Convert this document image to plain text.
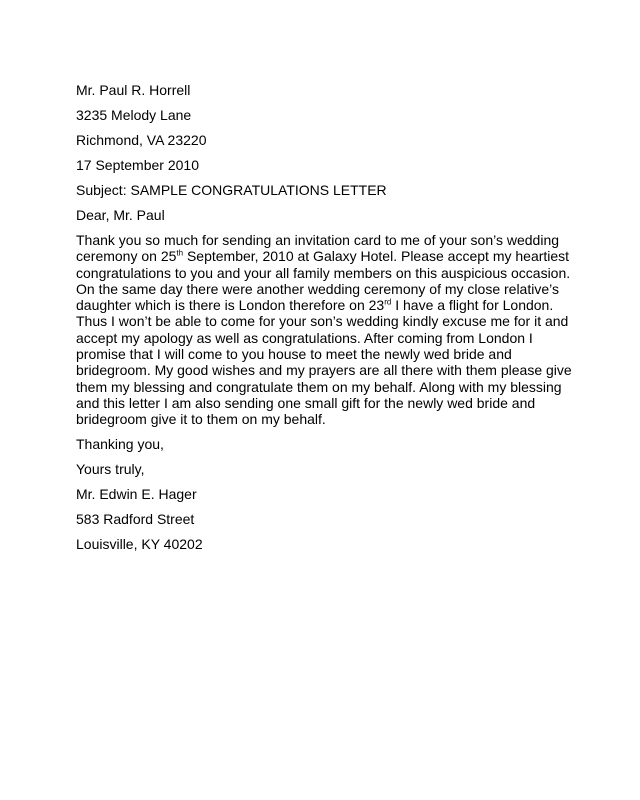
Mr. Paul R. Horrell
3235 Melody Lane
Richmond, VA 23220
17 September 2010
Subject: SAMPLE CONGRATULATIONS LETTER
Dear, Mr. Paul

Thank you so much for sending an invitation card to me of your son’s wedding ceremony on 25th September, 2010 at Galaxy Hotel. Please accept my heartiest congratulations to you and your all family members on this auspicious occasion. On the same day there were another wedding ceremony of my close relative’s daughter which is there is London therefore on 23rd I have a flight for London. Thus I won’t be able to come for your son’s wedding kindly excuse me for it and accept my apology as well as congratulations. After coming from London I promise that I will come to you house to meet the newly wed bride and bridegroom. My good wishes and my prayers are all there with them please give them my blessing and congratulate them on my behalf. Along with my blessing and this letter I am also sending one small gift for the newly wed bride and bridegroom give it to them on my behalf.

Thanking you,
Yours truly,
Mr. Edwin E. Hager
583 Radford Street
Louisville, KY 40202
